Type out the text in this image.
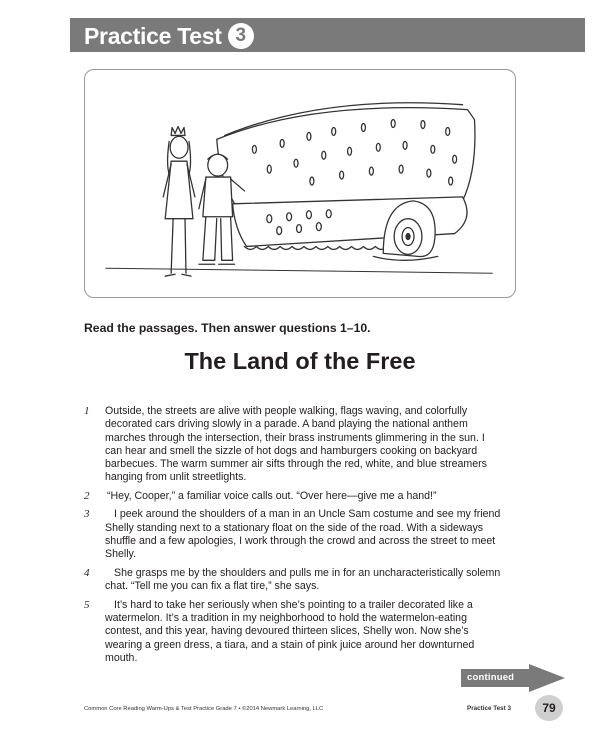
Practice Test 3
Read the passages. Then answer questions 1–10.
The Land of the Free
1 Outside, the streets are alive with people walking, flags waving, and colorfully decorated cars driving slowly in a parade. A band playing the national anthem marches through the intersection, their brass instruments glimmering in the sun. I can hear and smell the sizzle of hot dogs and hamburgers cooking on backyard barbecues. The warm summer air sifts through the red, white, and blue streamers hanging from unlit streetlights.
2 “Hey, Cooper,” a familiar voice calls out. “Over here—give me a hand!”
3	I peek around the shoulders of a man in an Uncle Sam costume and see my friend Shelly standing next to a stationary float on the side of the road. With a sideways shuffle and a few apologies, I work through the crowd and across the street to meet Shelly.
4	She grasps me by the shoulders and pulls me in for an uncharacteristically solemn chat. “Tell me you can fix a flat tire,” she says.
5	It’s hard to take her seriously when she’s pointing to a trailer decorated like a watermelon. It’s a tradition in my neighborhood to hold the watermelon-eating contest, and this year, having devoured thirteen slices, Shelly won. Now she’s wearing a green dress, a tiara, and a stain of pink juice around her downturned mouth.
continued
Common Core Reading Warm-Ups & Test Practice Grade 7 • ©2014 Newmark Learning, LLC	Practice Test 3	79
